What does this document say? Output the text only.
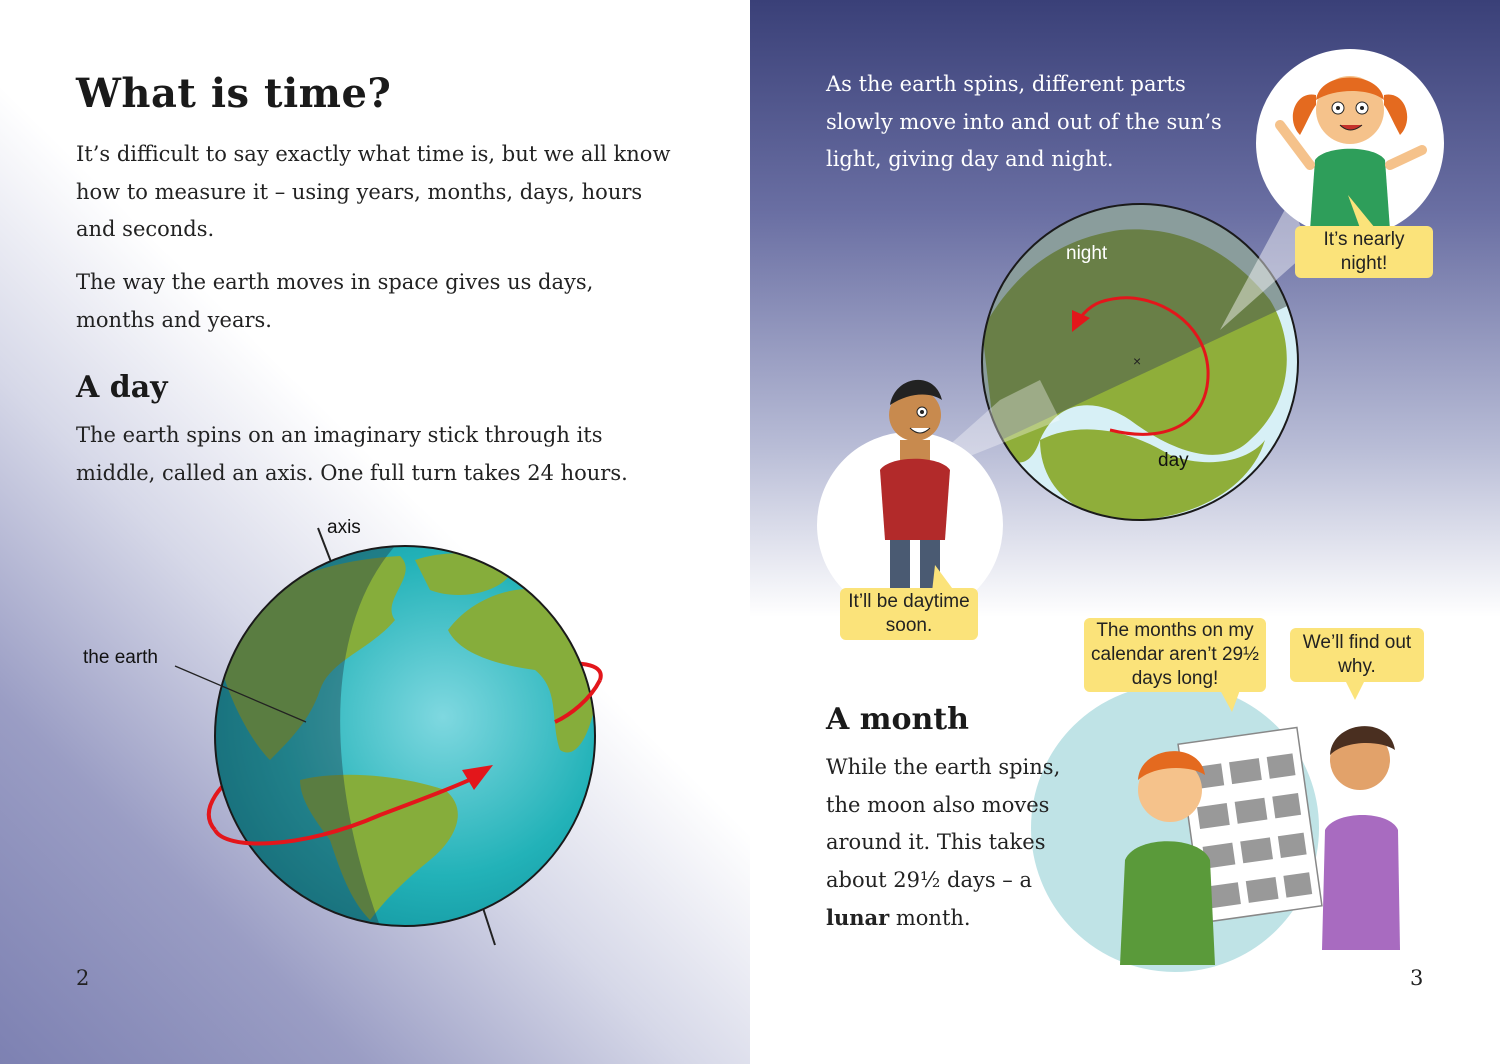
What is time?

It’s difficult to say exactly what time is, but we all know how to measure it – using years, months, days, hours and seconds.

The way the earth moves in space gives us days, months and years.

A day

The earth spins on an imaginary stick through its middle, called an axis. One full turn takes 24 hours.

axis
the earth
2

As the earth spins, different parts slowly move into and out of the sun’s light, giving day and night.

×
night
day
It’s nearly night!
It’ll be daytime soon.	The months on my calendar aren’t 29½ days long!
We’ll find out why.
A month

While the earth spins, the moon also moves around it. This takes about 29½ days – a lunar month.

3
